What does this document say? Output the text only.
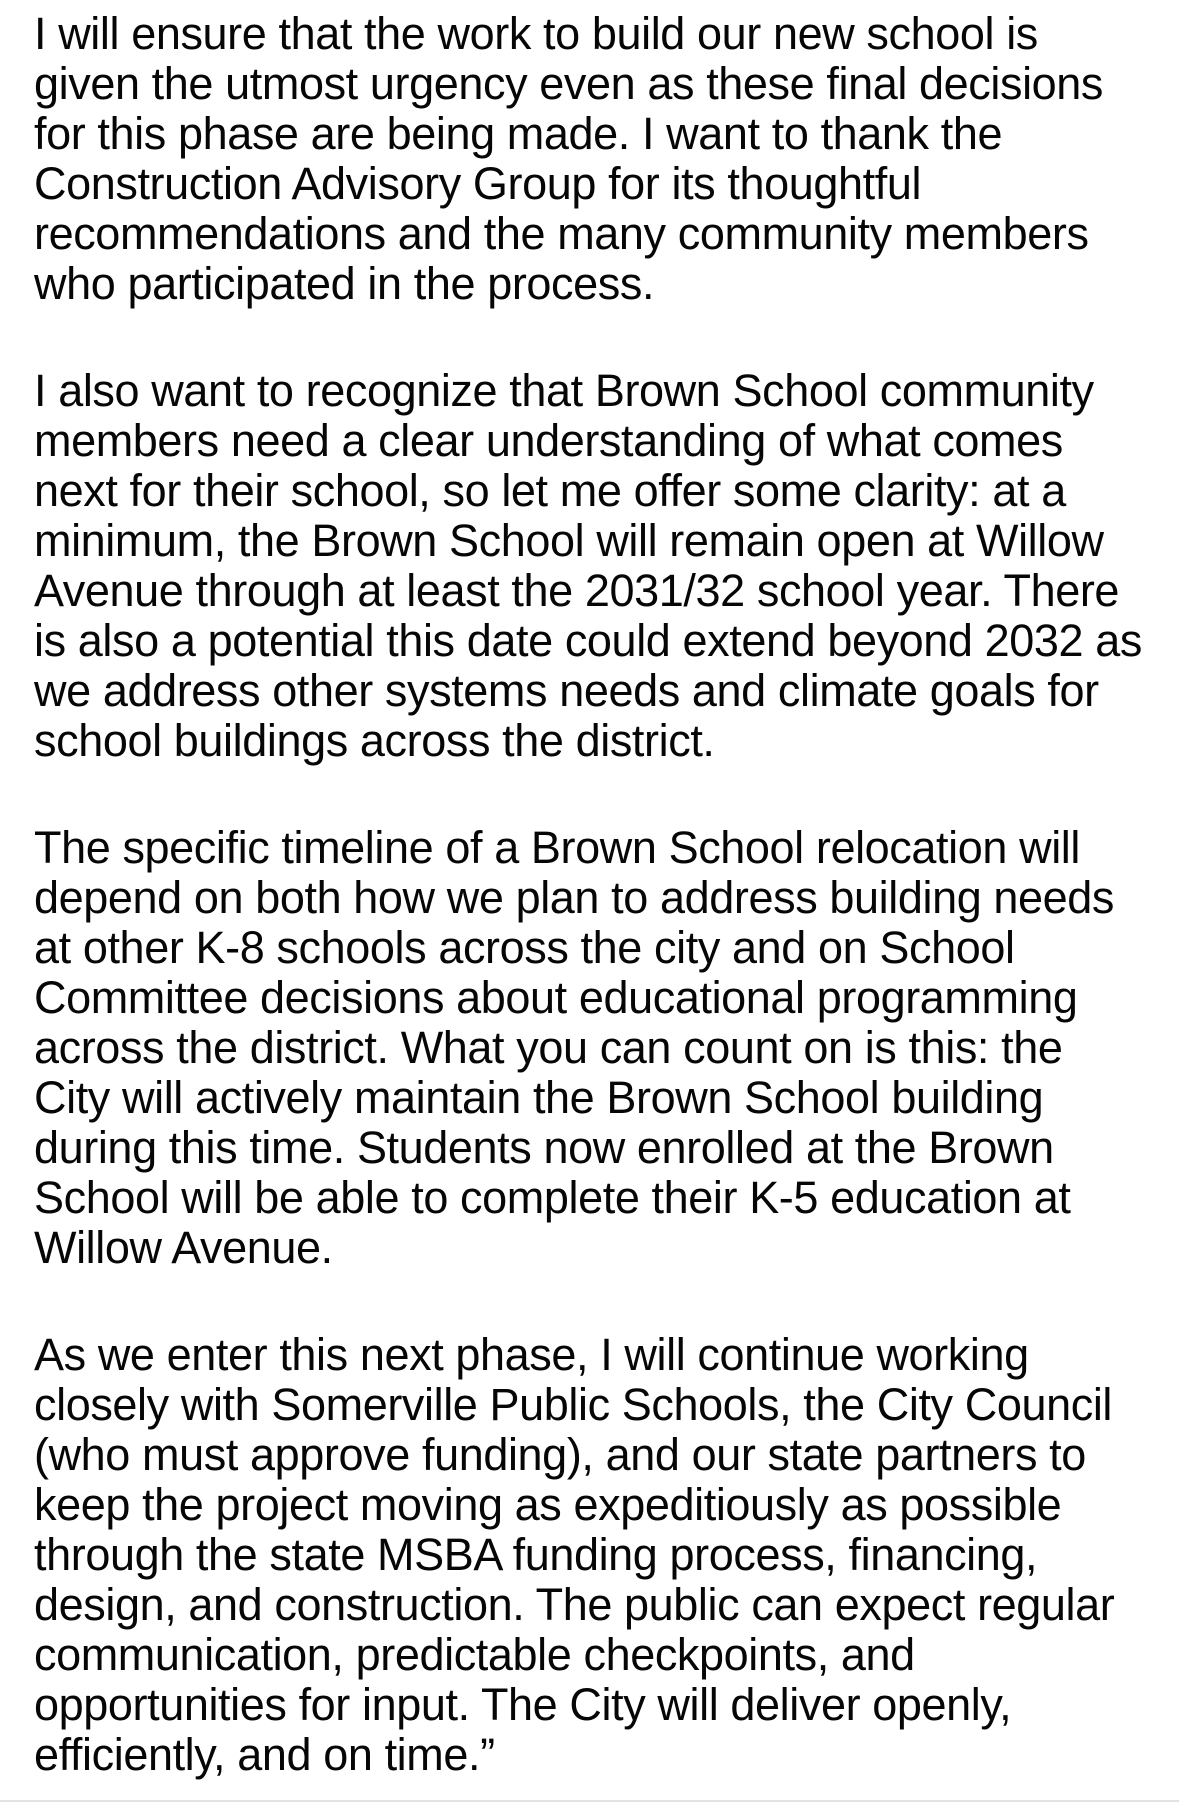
I will ensure that the work to build our new school is
given the utmost urgency even as these final decisions
for this phase are being made. I want to thank the
Construction Advisory Group for its thoughtful
recommendations and the many community members
who participated in the process.
I also want to recognize that Brown School community
members need a clear understanding of what comes
next for their school, so let me offer some clarity: at a
minimum, the Brown School will remain open at Willow
Avenue through at least the 2031/32 school year. There
is also a potential this date could extend beyond 2032 as
we address other systems needs and climate goals for
school buildings across the district.
The specific timeline of a Brown School relocation will
depend on both how we plan to address building needs
at other K-8 schools across the city and on School
Committee decisions about educational programming
across the district. What you can count on is this: the
City will actively maintain the Brown School building
during this time. Students now enrolled at the Brown
School will be able to complete their K-5 education at
Willow Avenue.
As we enter this next phase, I will continue working
closely with Somerville Public Schools, the City Council
(who must approve funding), and our state partners to
keep the project moving as expeditiously as possible
through the state MSBA funding process, financing,
design, and construction. The public can expect regular
communication, predictable checkpoints, and
opportunities for input. The City will deliver openly,
efficiently, and on time.”
